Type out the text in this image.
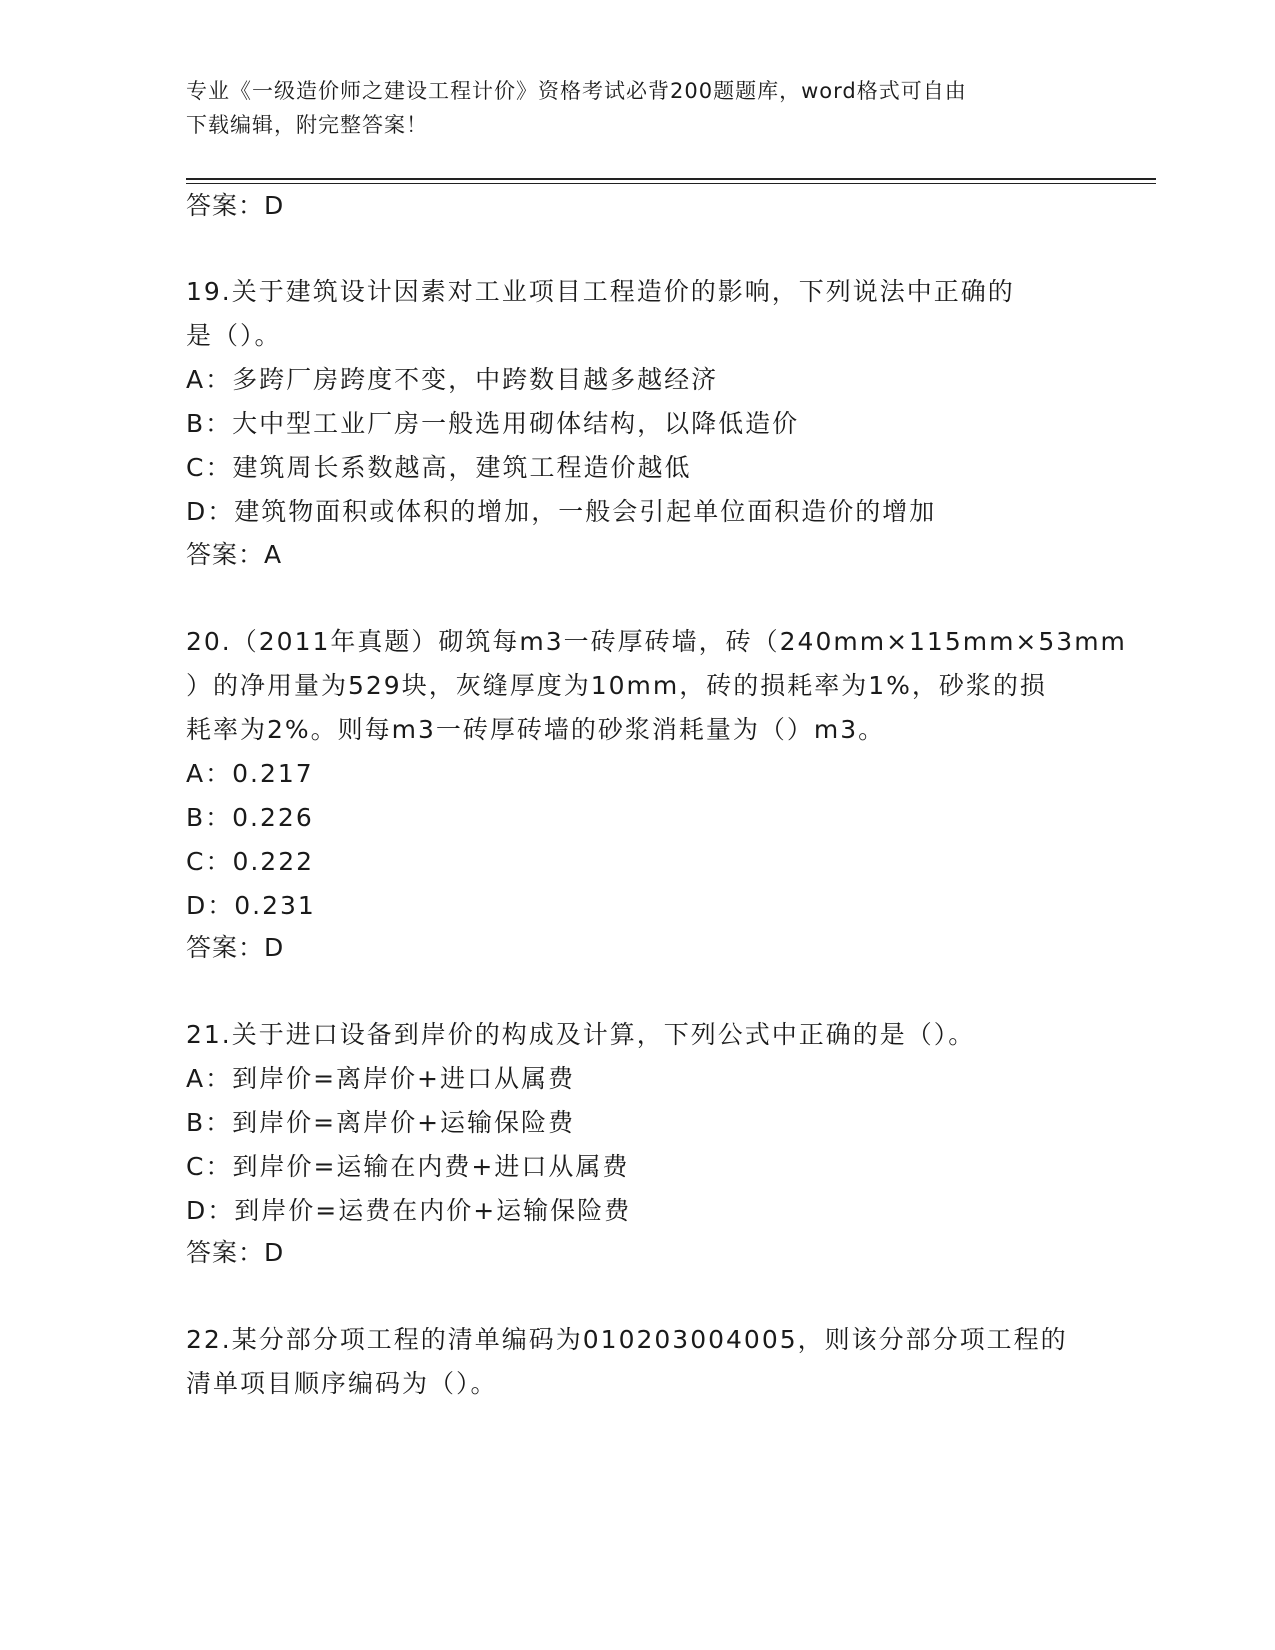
专业《一级造价师之建设工程计价》资格考试必背200题题库，word格式可自由
下载编辑，附完整答案！
答案：D
19.关于建筑设计因素对工业项目工程造价的影响，下列说法中正确的
是（）。
A：多跨厂房跨度不变，中跨数目越多越经济
B：大中型工业厂房一般选用砌体结构，以降低造价
C：建筑周长系数越高，建筑工程造价越低
D：建筑物面积或体积的增加，一般会引起单位面积造价的增加
答案：A
20.（2011年真题）砌筑每m3一砖厚砖墙，砖（240mm×115mm×53mm
）的净用量为529块，灰缝厚度为10mm，砖的损耗率为1%，砂浆的损
耗率为2%。则每m3一砖厚砖墙的砂浆消耗量为（）m3。
A：0.217
B：0.226
C：0.222
D：0.231
答案：D
21.关于进口设备到岸价的构成及计算，下列公式中正确的是（）。
A：到岸价=离岸价+进口从属费
B：到岸价=离岸价+运输保险费
C：到岸价=运输在内费+进口从属费
D：到岸价=运费在内价+运输保险费
答案：D
22.某分部分项工程的清单编码为010203004005，则该分部分项工程的
清单项目顺序编码为（）。
